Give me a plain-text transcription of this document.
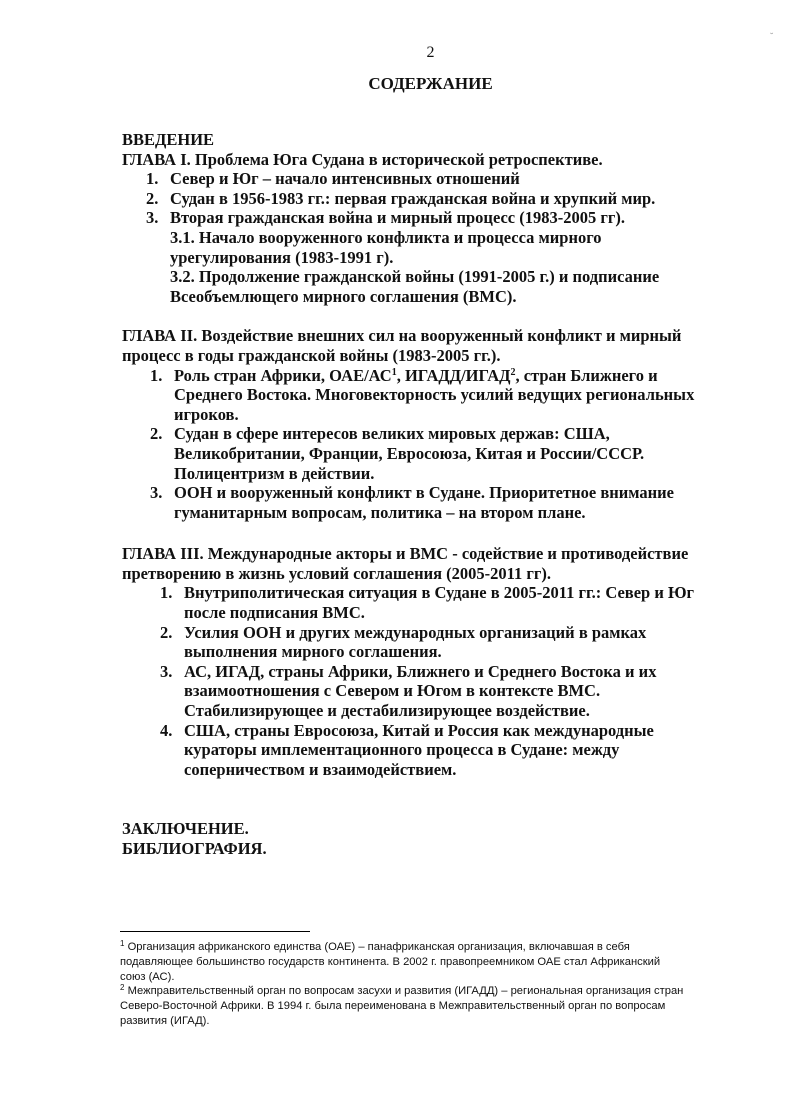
˘
2
СОДЕРЖАНИЕ
ВВЕДЕНИЕ
ГЛАВА I. Проблема Юга Судана в исторической ретроспективе.
1. Север и Юг – начало интенсивных отношений
2. Судан в 1956-1983 гг.: первая гражданская война и хрупкий мир.
3. Вторая гражданская война и мирный процесс (1983-2005 гг).
3.1. Начало вооруженного конфликта и процесса мирного
урегулирования (1983-1991 г).
3.2. Продолжение гражданской войны (1991-2005 г.) и подписание
Всеобъемлющего мирного соглашения (ВМС).
ГЛАВА II. Воздействие внешних сил на вооруженный конфликт и мирный
процесс в годы гражданской войны (1983-2005 гг.).
1. Роль стран Африки, ОАЕ/$АС^1$, ИГАДД/ИГАД$^2$, стран Ближнего и
Среднего Востока. Многовекторность усилий ведущих региональных
игроков.
2. Судан в сфере интересов великих мировых держав: США,
Великобритании, Франции, Евросоюза, Китая и России/СССР.
Полицентризм в действии.
3. ООН и вооруженный конфликт в Судане. Приоритетное внимание
гуманитарным вопросам, политика – на втором плане.
ГЛАВА III. Международные акторы и ВМС - содействие и противодействие
претворению в жизнь условий соглашения (2005-2011 гг).
1. Внутриполитическая ситуация в Судане в 2005-2011 гг.: Север и Юг
после подписания ВМС.
2. Усилия ООН и других международных организаций в рамках
выполнения мирного соглашения.
3. АС, ИГАД, страны Африки, Ближнего и Среднего Востока и их
взаимоотношения с Севером и Югом в контексте ВМС.
Стабилизирующее и дестабилизирующее воздействие.
4. США, страны Евросоюза, Китай и Россия как международные
кураторы имплементационного процесса в Судане: между
соперничеством и взаимодействием.
ЗАКЛЮЧЕНИЕ.
БИБЛИОГРАФИЯ.
$^1$ Организация африканского единства (ОАЕ) – панафриканская организация, включавшая в себя
подавляющее большинство государств континента. В 2002 г. правопреемником ОАЕ стал Африканский
союз (АС).
$^2$ Межправительственный орган по вопросам засухи и развития (ИГАДД) – региональная организация стран
Северо-Восточной Африки. В 1994 г. была переименована в Межправительственный орган по вопросам
развития (ИГАД).
